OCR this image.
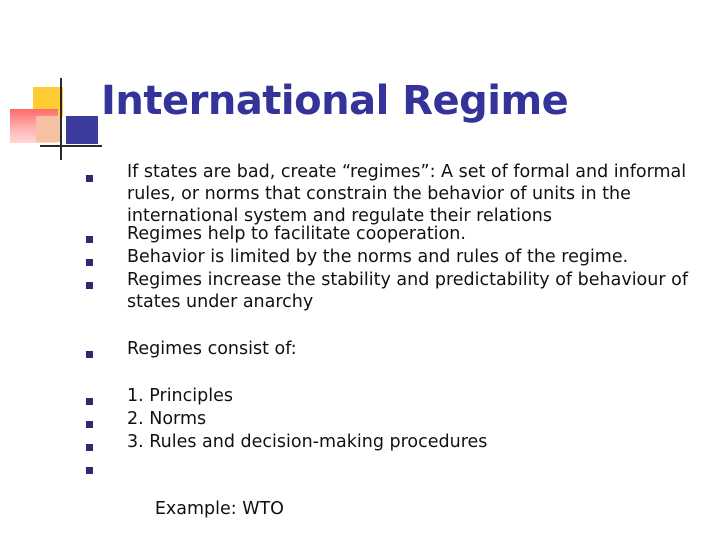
International Regime
If states are bad, create “regimes”: A set of formal and informal
rules, or norms that constrain the behavior of units in the
international system and regulate their relations
Regimes help to facilitate cooperation.
Behavior is limited by the norms and rules of the regime.
Regimes increase the stability and predictability of behaviour of
states under anarchy
Regimes consist of:
1. Principles
2. Norms
3. Rules and decision-making procedures

Example: WTO
